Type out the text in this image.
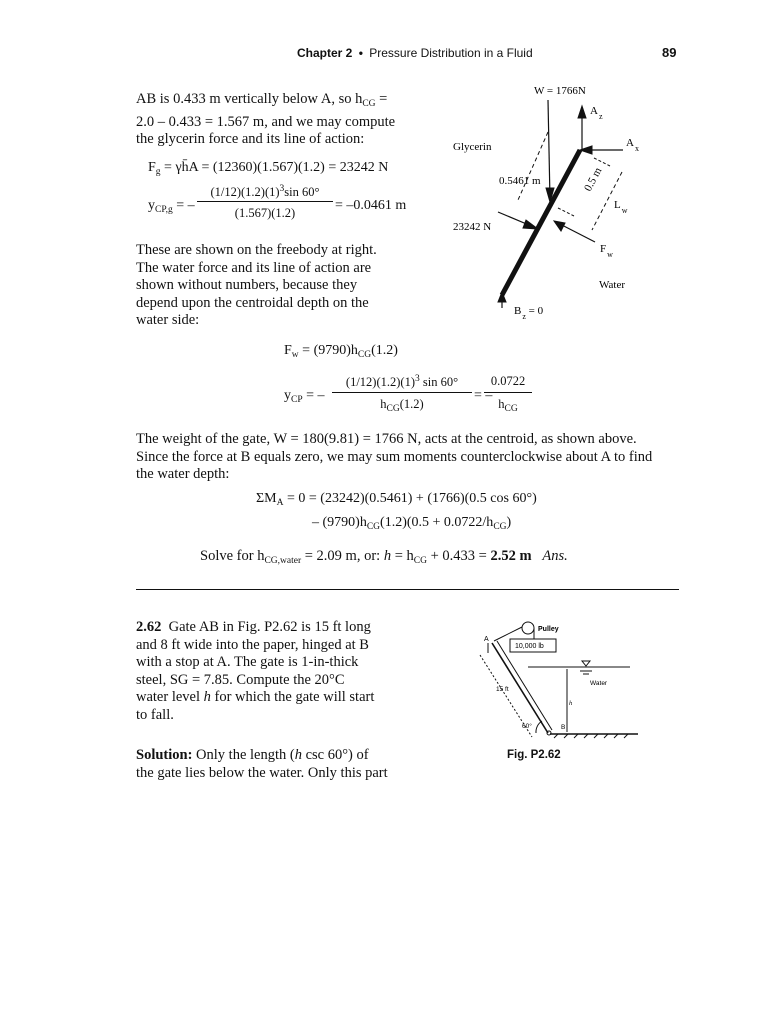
Chapter 2 • Pressure Distribution in a Fluid	89
AB is 0.433 m vertically below A, so $h_{CG}$ =
2.0 – 0.433 = 1.567 m, and we may compute
the glycerin force and its line of action:
$F_g$ = γh̄A = (12360)(1.567)(1.2) = 23242 N
$y_{CP,g}$ = –
$(1/12)(1.2)(1)^3\sin$ 60°
(1.567)(1.2)	= –0.0461 m
These are shown on the freebody at right.
The water force and its line of action are
shown without numbers, because they
depend upon the centroidal depth on the
water side:
W = 1766N
$A_z$
$A_x$
Glycerin
0.5461 m	0.5 m
$L_w$
23242 N
$F_w$
Water
$B_z = 0$
$F_w = (9790)h_{CG}(1.2)$
$y_{CP}$ = –
$(1/12)(1.2)(1)^3$ sin 60°
$h_{CG}(1.2)$
= –
0.0722
$h_{CG}$
The weight of the gate, W = 180(9.81) = 1766 N, acts at the centroid, as shown above.
Since the force at B equals zero, we may sum moments counterclockwise about A to find
the water depth:
$\Sigma M_A = 0 = (23242)(0.5461) + (1766)(0.5$ cos 60°)
– $(9790)h_{CG}(1.2)(0.5 + 0.0722/h_{CG})$
Solve for $h_{CG,water} = 2.09$ m, or: $h = h_{CG} + 0.433 = 2.52$ m Ans.
2.62 Gate AB in Fig. P2.62 is 15 ft long
and 8 ft wide into the paper, hinged at B
with a stop at A. The gate is 1-in-thick
steel, SG = 7.85. Compute the 20°C
water level h for which the gate will start
to fall.
Solution: Only the length (h csc 60°) of
the gate lies below the water. Only this part
Pulley
10,000 lb
A
Water
15 ft
60°	B
h
Fig. P2.62
